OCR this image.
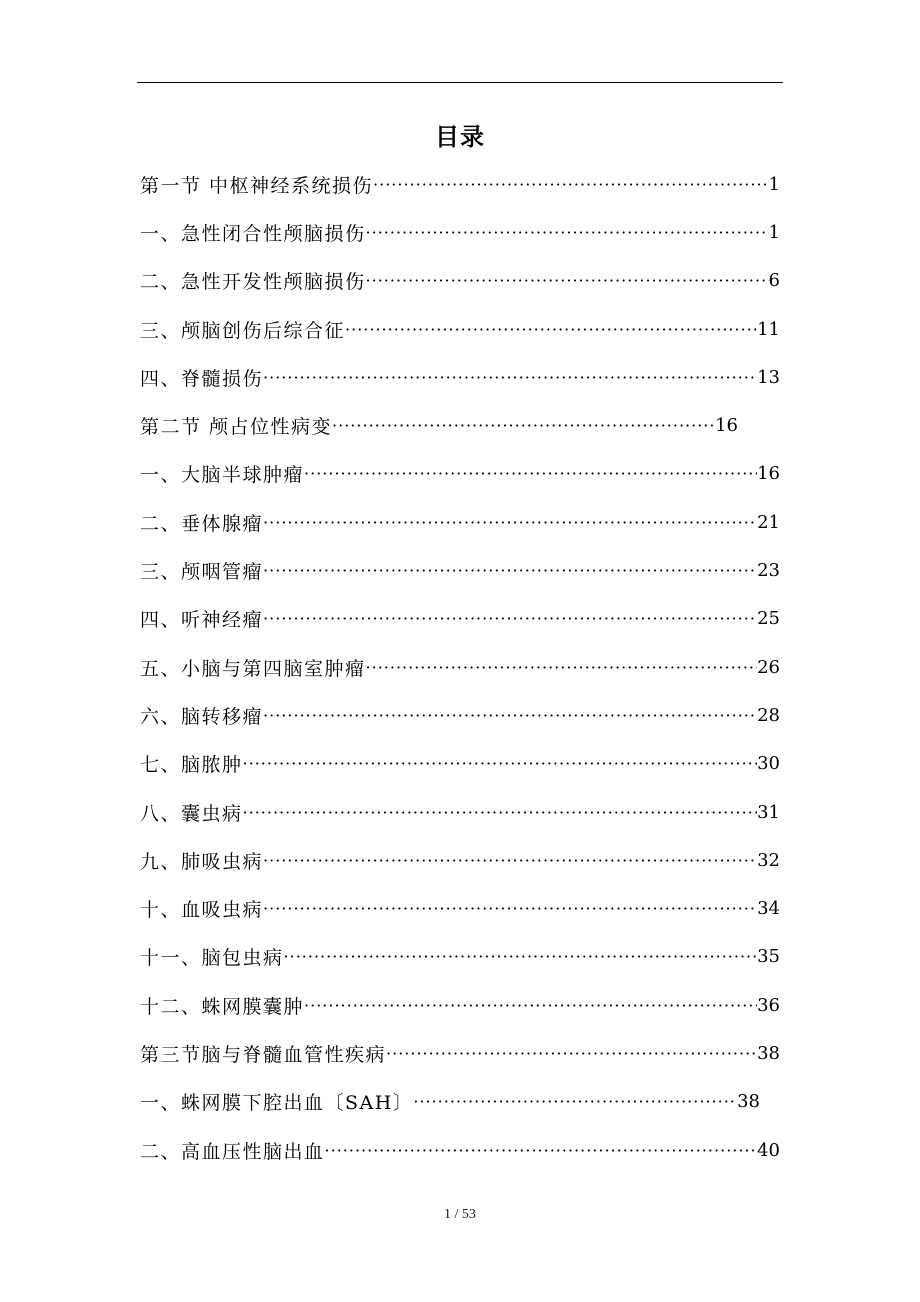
目录
第一节 中枢神经系统损伤 ·····	1
一、急性闭合性颅脑损伤 ·····	1
二、急性开发性颅脑损伤 ·····	6
三、颅脑创伤后综合征 ·····	11
四、脊髓损伤 ·····	13
第二节 颅占位性病变 ·····	16
一、大脑半球肿瘤 ·····	16
二、垂体腺瘤 ·····	21
三、颅咽管瘤 ·····	23
四、听神经瘤 ·····	25
五、小脑与第四脑室肿瘤 ·····	26
六、脑转移瘤 ·····	28
七、脑脓肿 ·····	30
八、囊虫病 ·····	31
九、肺吸虫病 ·····	32
十、血吸虫病 ·····	34
十一、脑包虫病 ·····	35
十二、蛛网膜囊肿 ·····	36
第三节脑与脊髓血管性疾病 ·····	38
一、蛛网膜下腔出血〔SAH〕 ·····	38
二、高血压性脑出血 ·····	40
1 / 53
